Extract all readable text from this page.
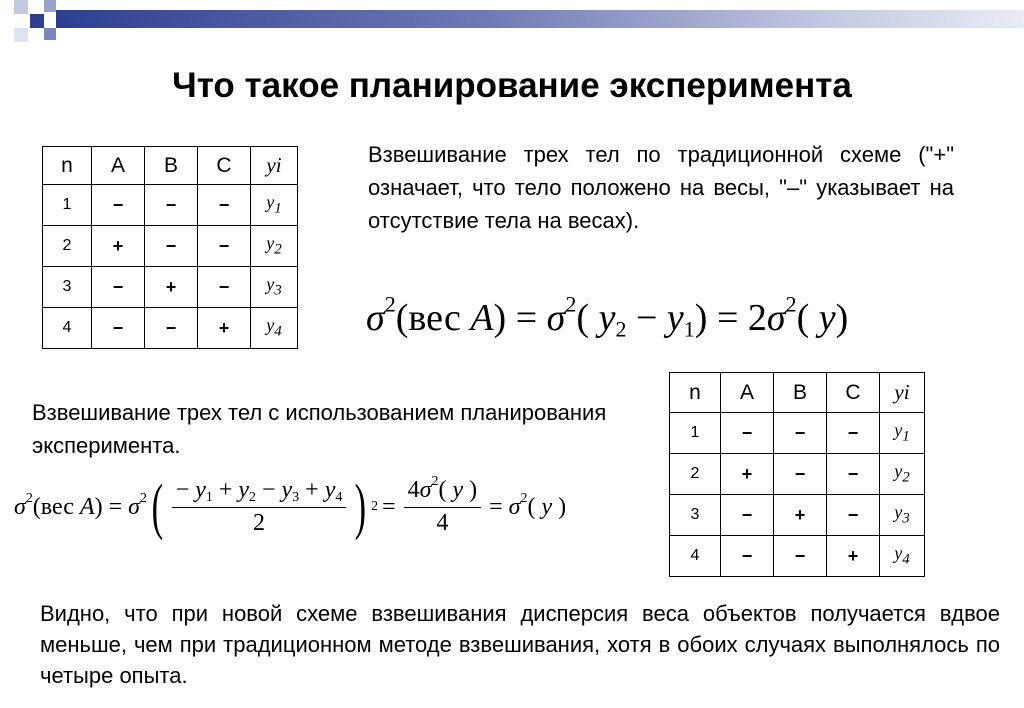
Что такое планирование эксперимента
n	A	B	C	yi
1	−	−	−	$y_1$
2	+	−	−	$y_2$
3	−	+	−	$y_3$
4	−	−	+	$y_4$

Взвешивание трех тел по традиционной схеме ("+" означает, что тело положено на весы, "–" указывает на отсутствие тела на весах).

$\sigma^2(вес$ $A) = \sigma^2$( $y_2 - y_1) = 2\sigma^2$( y)

Взвешивание трех тел с использованием планирования эксперимента.

$\sigma^2(вес$ $A) = \sigma^2$ ( $\frac{- y_1 + y_2 - y_3 + y_4}{2}$ ) $2 = \frac{4\sigma^2( y )}{4} = \sigma^2$( y )
n	A	B	C	yi
1	−	−	−	$y_1$
2	+	−	−	$y_2$
3	−	+	−	$y_3$
4	−	−	+	$y_4$

Видно, что при новой схеме взвешивания дисперсия веса объектов получается вдвое меньше, чем при традиционном методе взвешивания, хотя в обоих случаях выполнялось по четыре опыта.
